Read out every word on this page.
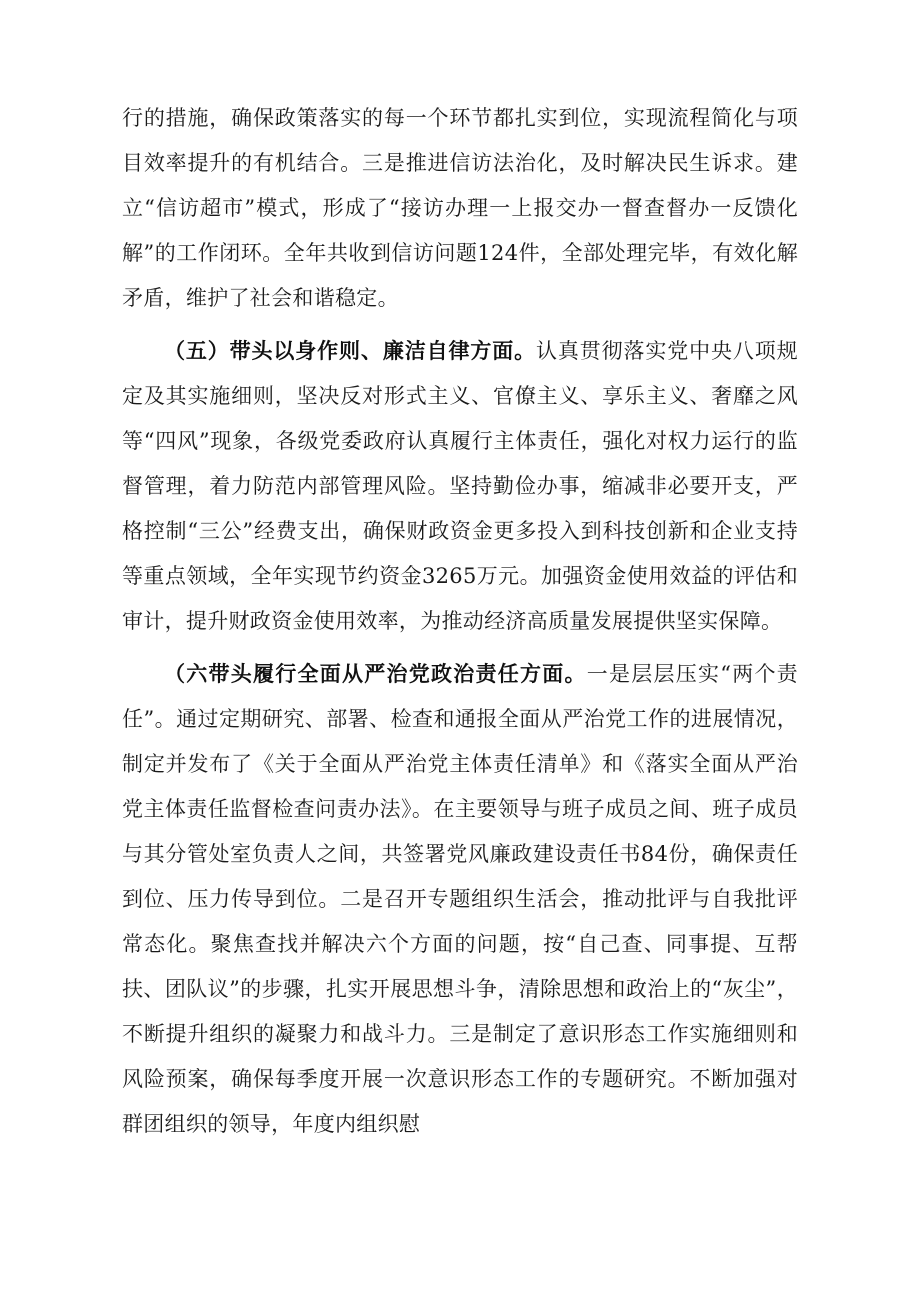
行的措施，确保政策落实的每一个环节都扎实到位，实现流程简化与项目效率提升的有机结合。三是推进信访法治化，及时解决民生诉求。建立“信访超市”模式，形成了“接访办理一上报交办一督查督办一反馈化解”的工作闭环。全年共收到信访问题124件，全部处理完毕，有效化解矛盾，维护了社会和谐稳定。

（五）带头以身作则、廉洁自律方面。认真贯彻落实党中央八项规定及其实施细则，坚决反对形式主义、官僚主义、享乐主义、奢靡之风等“四风”现象，各级党委政府认真履行主体责任，强化对权力运行的监督管理，着力防范内部管理风险。坚持勤俭办事，缩减非必要开支，严格控制“三公”经费支出，确保财政资金更多投入到科技创新和企业支持等重点领域，全年实现节约资金3265万元。加强资金使用效益的评估和审计，提升财政资金使用效率，为推动经济高质量发展提供坚实保障。

（六带头履行全面从严治党政治责任方面。一是层层压实“两个责任”。通过定期研究、部署、检查和通报全面从严治党工作的进展情况，制定并发布了《关于全面从严治党主体责任清单》和《落实全面从严治党主体责任监督检查问责办法》。在主要领导与班子成员之间、班子成员与其分管处室负责人之间，共签署党风廉政建设责任书84份，确保责任到位、压力传导到位。二是召开专题组织生活会，推动批评与自我批评常态化。聚焦查找并解决六个方面的问题，按“自己查、同事提、互帮扶、团队议”的步骤，扎实开展思想斗争，清除思想和政治上的“灰尘”，不断提升组织的凝聚力和战斗力。三是制定了意识形态工作实施细则和风险预案，确保每季度开展一次意识形态工作的专题研究。不断加强对群团组织的领导，年度内组织慰
